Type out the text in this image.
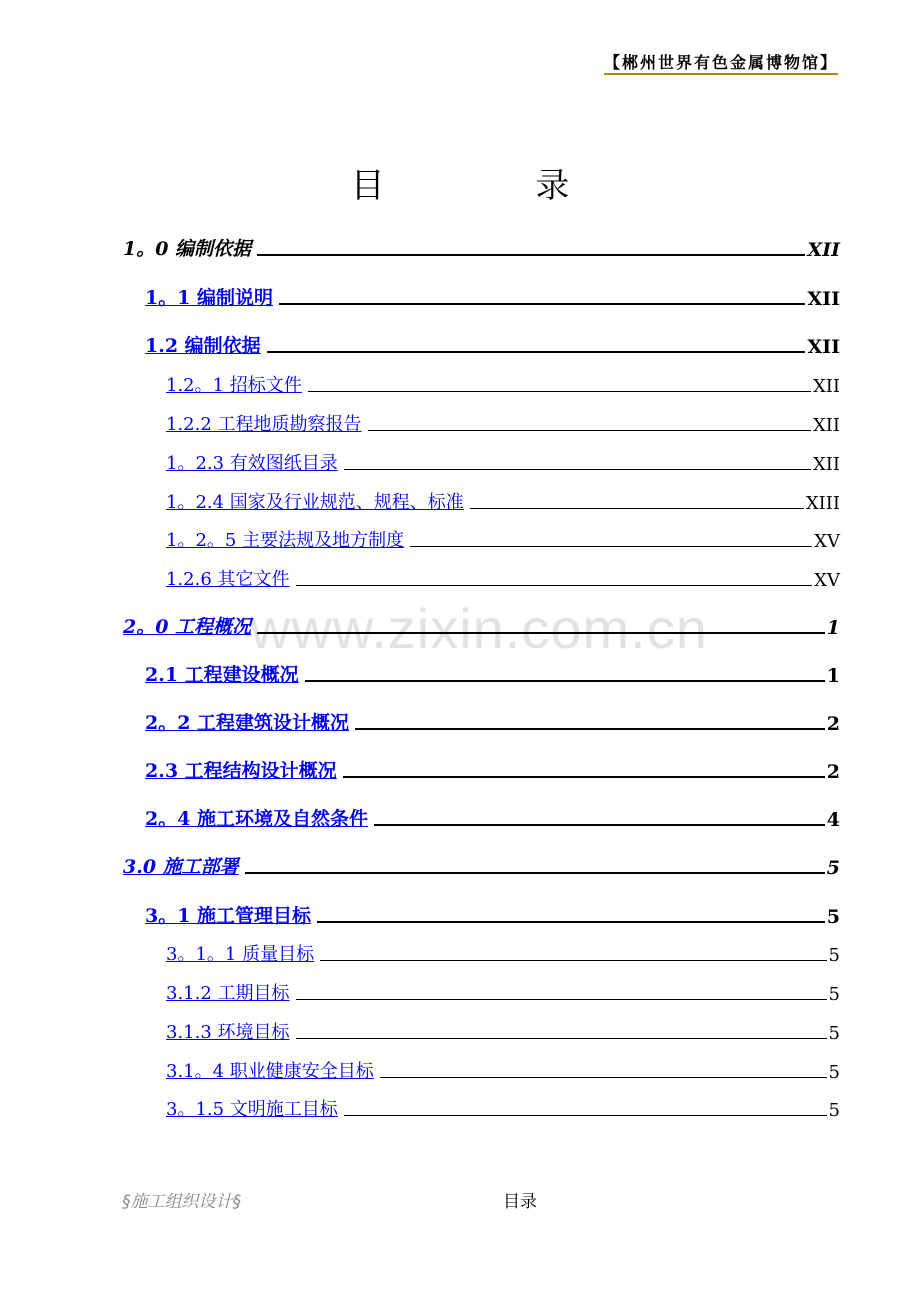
【郴州世界有色金属博物馆】
目 录
www.zixin.com.cn
1。0 编制依据	XII
1。1 编制说明	XII
1.2 编制依据	XII
1.2。1 招标文件	XII
1.2.2 工程地质勘察报告	XII
1。2.3 有效图纸目录	XII
1。2.4 国家及行业规范、规程、标准	XIII
1。2。5 主要法规及地方制度	XV
1.2.6 其它文件	XV
2。0 工程概况	1
2.1 工程建设概况	1
2。2 工程建筑设计概况	2
2.3 工程结构设计概况	2
2。4 施工环境及自然条件	4
3.0 施工部署	5
3。1 施工管理目标	5
3。1。1 质量目标	5
3.1.2 工期目标	5
3.1.3 环境目标	5
3.1。4 职业健康安全目标	5
3。1.5 文明施工目标	5
§施工组织设计§	目录
